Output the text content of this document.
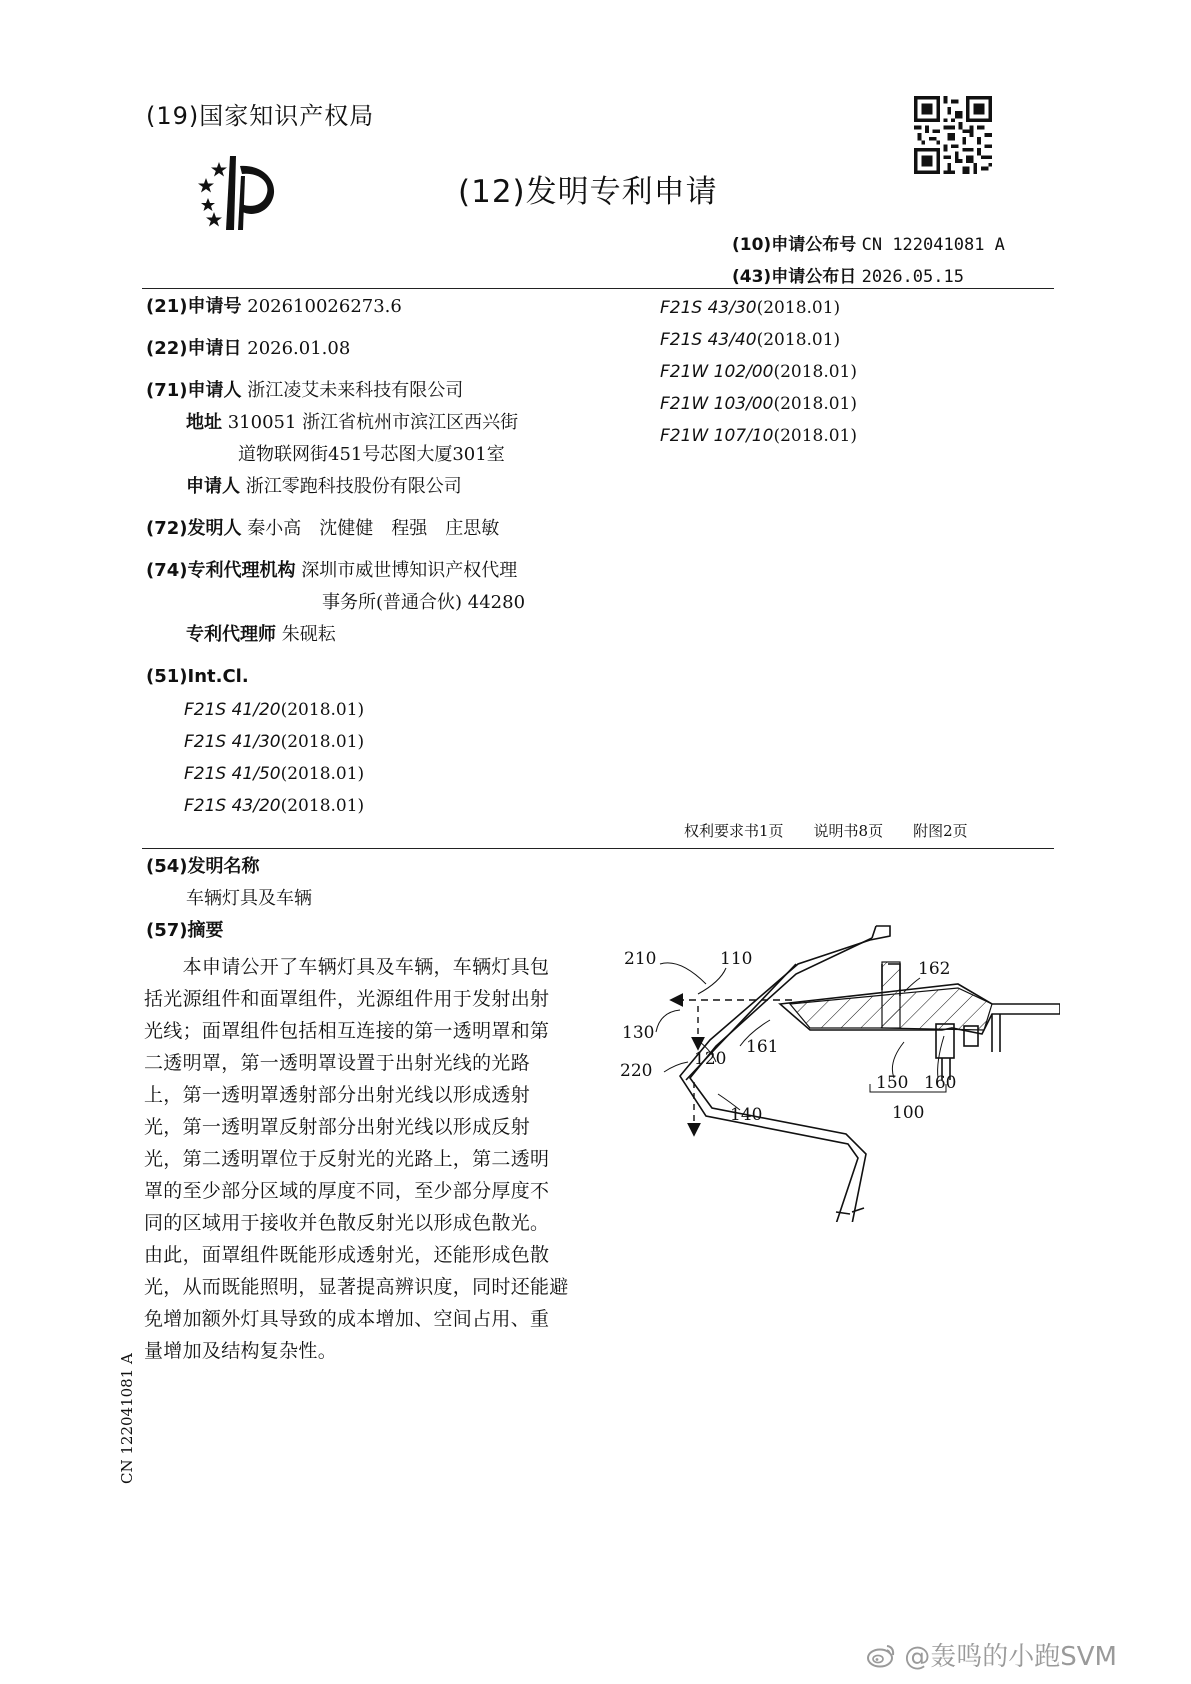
(19)国家知识产权局
(12)发明专利申请
(10)申请公布号 CN 122041081 A
(43)申请公布日 2026.05.15
(21)申请号 202610026273.6
(22)申请日 2026.01.08
(71)申请人 浙江凌艾未来科技有限公司
地址 310051 浙江省杭州市滨江区西兴街
道物联网街451号芯图大厦301室
申请人 浙江零跑科技股份有限公司
(72)发明人 秦小高　沈健健　程强　庄思敏
(74)专利代理机构 深圳市威世博知识产权代理
事务所(普通合伙) 44280
专利代理师 朱砚耘
(51)Int.Cl.
F21S 41/20(2018.01)
F21S 41/30(2018.01)
F21S 41/50(2018.01)
F21S 43/20(2018.01)
F21S 43/30(2018.01)
F21S 43/40(2018.01)
F21W 102/00(2018.01)
F21W 103/00(2018.01)
F21W 107/10(2018.01)
权利要求书1页　　说明书8页　　附图2页
(54)发明名称
车辆灯具及车辆
(57)摘要
　　本申请公开了车辆灯具及车辆，车辆灯具包
括光源组件和面罩组件，光源组件用于发射出射
光线；面罩组件包括相互连接的第一透明罩和第
二透明罩，第一透明罩设置于出射光线的光路
上，第一透明罩透射部分出射光线以形成透射
光，第一透明罩反射部分出射光线以形成反射
光，第二透明罩位于反射光的光路上，第二透明
罩的至少部分区域的厚度不同，至少部分厚度不
同的区域用于接收并色散反射光以形成色散光。
由此，面罩组件既能形成透射光，还能形成色散
光，从而既能照明，显著提高辨识度，同时还能避
免增加额外灯具导致的成本增加、空间占用、重
量增加及结构复杂性。
210	110	162
130
161
120
220
150 160
100
140
CN 122041081 A
@轰鸣的小跑SVM
